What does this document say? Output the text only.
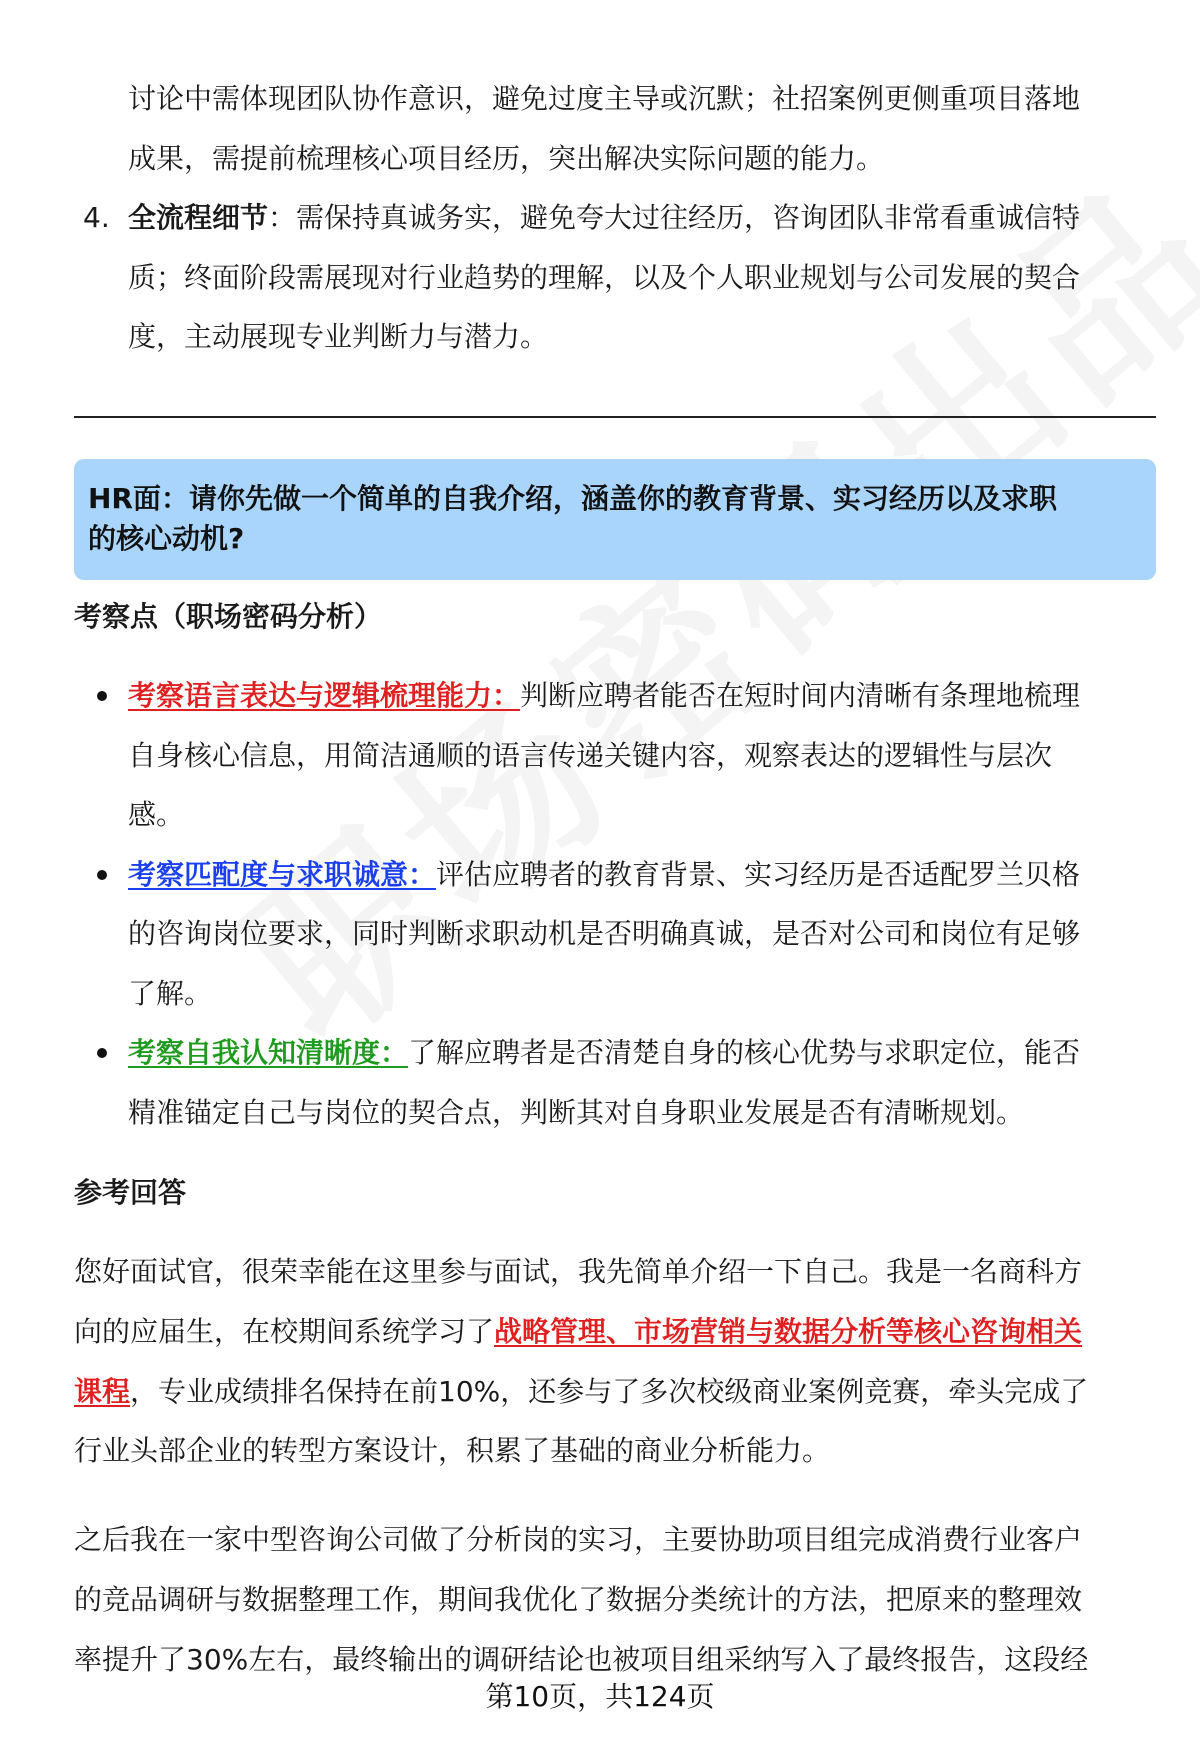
讨论中需体现团队协作意识，避免过度主导或沉默；社招案例更侧重项目落地
成果，需提前梳理核心项目经历，突出解决实际问题的能力。
4. 全流程细节：需保持真诚务实，避免夸大过往经历，咨询团队非常看重诚信特
质；终面阶段需展现对行业趋势的理解，以及个人职业规划与公司发展的契合
度，主动展现专业判断力与潜力。
HR面：请你先做一个简单的自我介绍，涵盖你的教育背景、实习经历以及求职
的核心动机?
考察点（职场密码分析）
考察语言表达与逻辑梳理能力：判断应聘者能否在短时间内清晰有条理地梳理
自身核心信息，用简洁通顺的语言传递关键内容，观察表达的逻辑性与层次
感。
考察匹配度与求职诚意：评估应聘者的教育背景、实习经历是否适配罗兰贝格
的咨询岗位要求，同时判断求职动机是否明确真诚，是否对公司和岗位有足够
了解。
考察自我认知清晰度：了解应聘者是否清楚自身的核心优势与求职定位，能否
精准锚定自己与岗位的契合点，判断其对自身职业发展是否有清晰规划。
参考回答
您好面试官，很荣幸能在这里参与面试，我先简单介绍一下自己。我是一名商科方
向的应届生，在校期间系统学习了战略管理、市场营销与数据分析等核心咨询相关
课程，专业成绩排名保持在前10%，还参与了多次校级商业案例竞赛，牵头完成了
行业头部企业的转型方案设计，积累了基础的商业分析能力。
之后我在一家中型咨询公司做了分析岗的实习，主要协助项目组完成消费行业客户
的竞品调研与数据整理工作，期间我优化了数据分类统计的方法，把原来的整理效
率提升了30%左右，最终输出的调研结论也被项目组采纳写入了最终报告，这段经
第10页，共124页
